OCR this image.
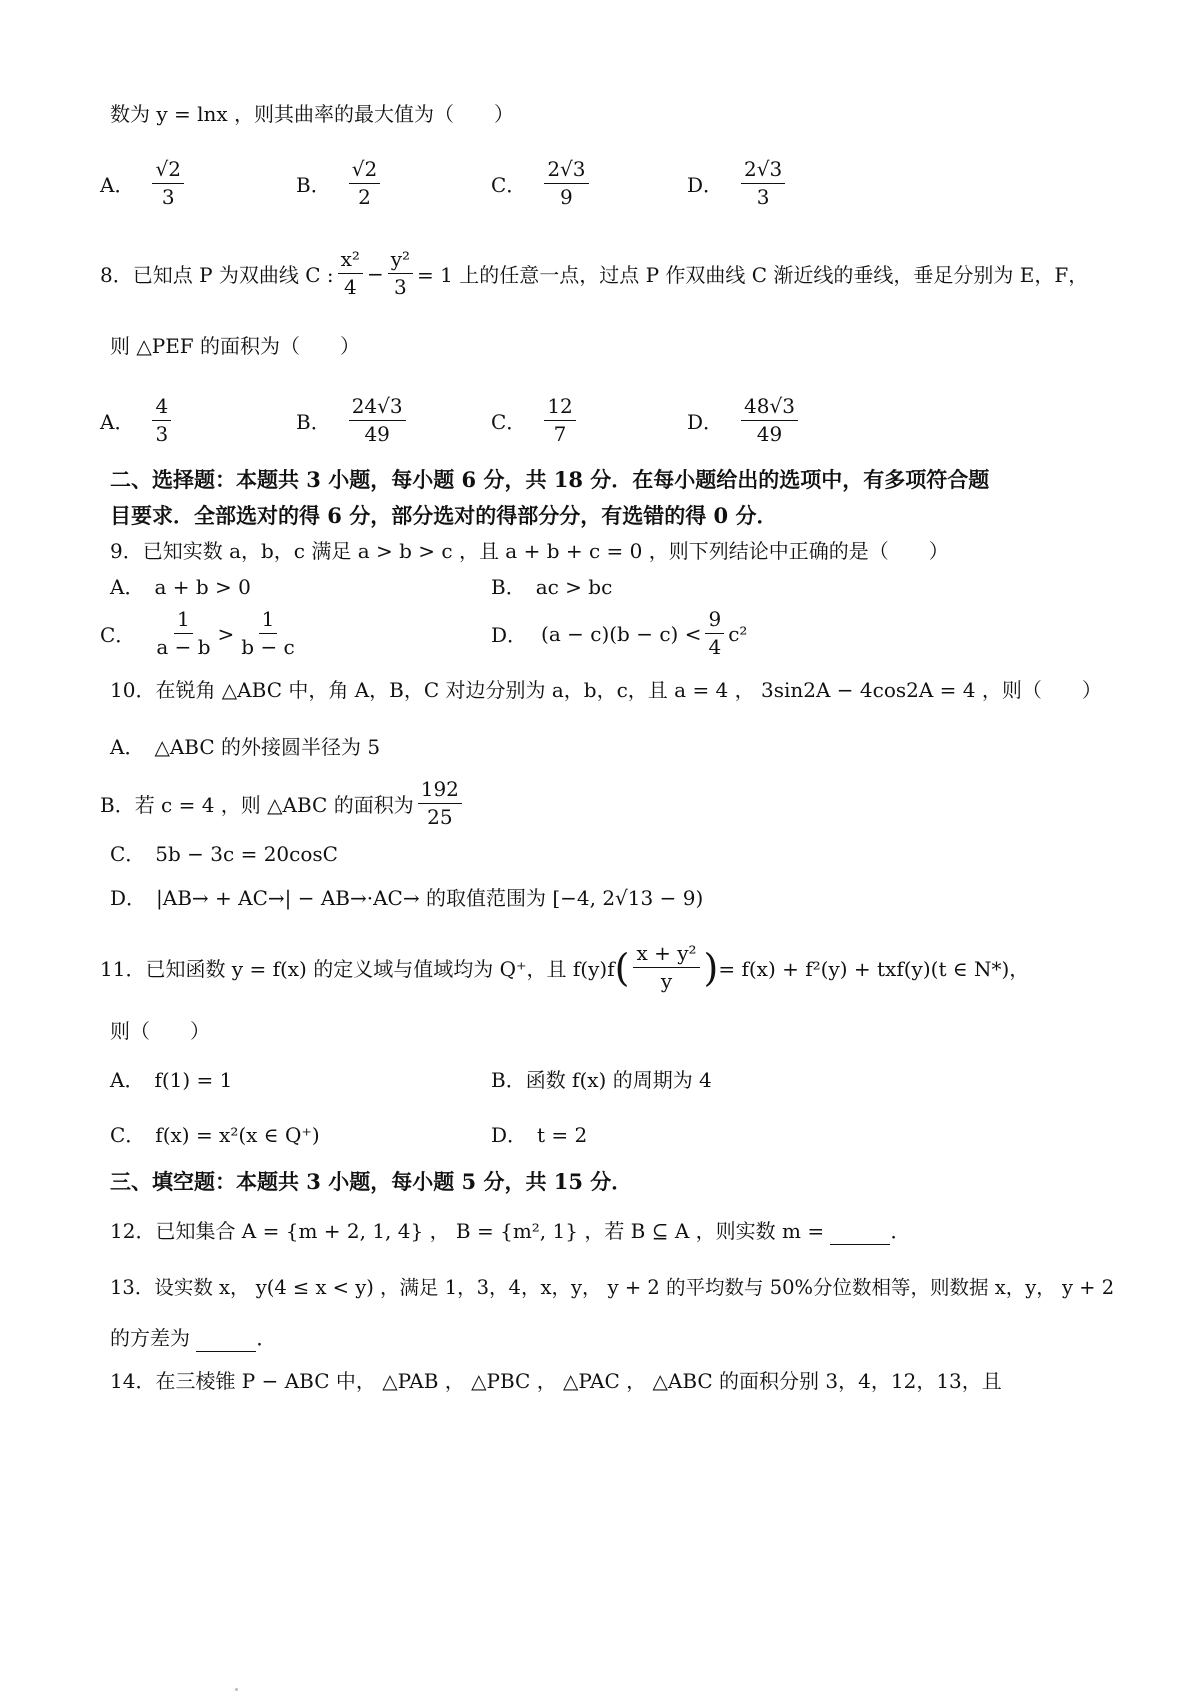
数为 y = lnx ，则其曲率的最大值为（　　）
A． $\frac{√2}{3}$	B． $\frac{√2}{2}$	C． $\frac{2√3}{9}$	D． $\frac{2√3}{3}$
8．已知点 P 为双曲线 C : $\frac{\text{x²}}{4} - \frac{\text{y²}}{3} = 1$ 上的任意一点，过点 P 作双曲线 C 渐近线的垂线，垂足分别为 E，F，
则 △PEF 的面积为（　　）
A． $\frac{4}{3}$	B． $\frac{24√3}{49}$	C． $\frac{12}{7}$	D． $\frac{48√3}{49}$
二、选择题：本题共 3 小题，每小题 6 分，共 18 分．在每小题给出的选项中，有多项符合题
目要求．全部选对的得 6 分，部分选对的得部分分，有选错的得 0 分．
9．已知实数 a，b，c 满足 a > b > c ，且 a + b + c = 0 ，则下列结论中正确的是（　　）
A．　a + b > 0	B．　ac > bc
C． $\frac{1}{a - b} > \frac{1}{b - c}$	D． $(a - c)(b - c) < \frac{9}{4} c^2$
10．在锐角 △ABC 中，角 A，B，C 对边分别为 a，b，c，且 a = 4 ， 3sin2A − 4cos2A = 4 ，则（　　）
A．　△ABC 的外接圆半径为 5
B．若 c = 4 ，则 △ABC 的面积为 $\frac{192}{25}$
C．　5b − 3c = 20cosC
D．　|AB→ + AC→| − AB→·AC→ 的取值范围为 [−4, 2√13 − 9)
11．已知函数 y = f(x) 的定义域与值域均为 Q⁺，且 f(y)f ( $\frac{\text{x + y²}}{y}$ ) = f(x) + f²(y) + txf(y)(t ∈ N*)，
则（　　）
A．　f(1) = 1	B．函数 f(x) 的周期为 4
C．　f(x) = x²(x ∈ Q⁺)	D．　t = 2
三、填空题：本题共 3 小题，每小题 5 分，共 15 分．
12．已知集合 A = {m + 2, 1, 4} ， B = {m², 1} ，若 B ⊆ A ，则实数 m =	．
13．设实数 x， y(4 ≤ x < y) ，满足 1，3，4，x，y， y + 2 的平均数与 50%分位数相等，则数据 x，y， y + 2
的方差为	．
14．在三棱锥 P − ABC 中， △PAB ， △PBC ， △PAC ， △ABC 的面积分别 3，4，12，13，且
